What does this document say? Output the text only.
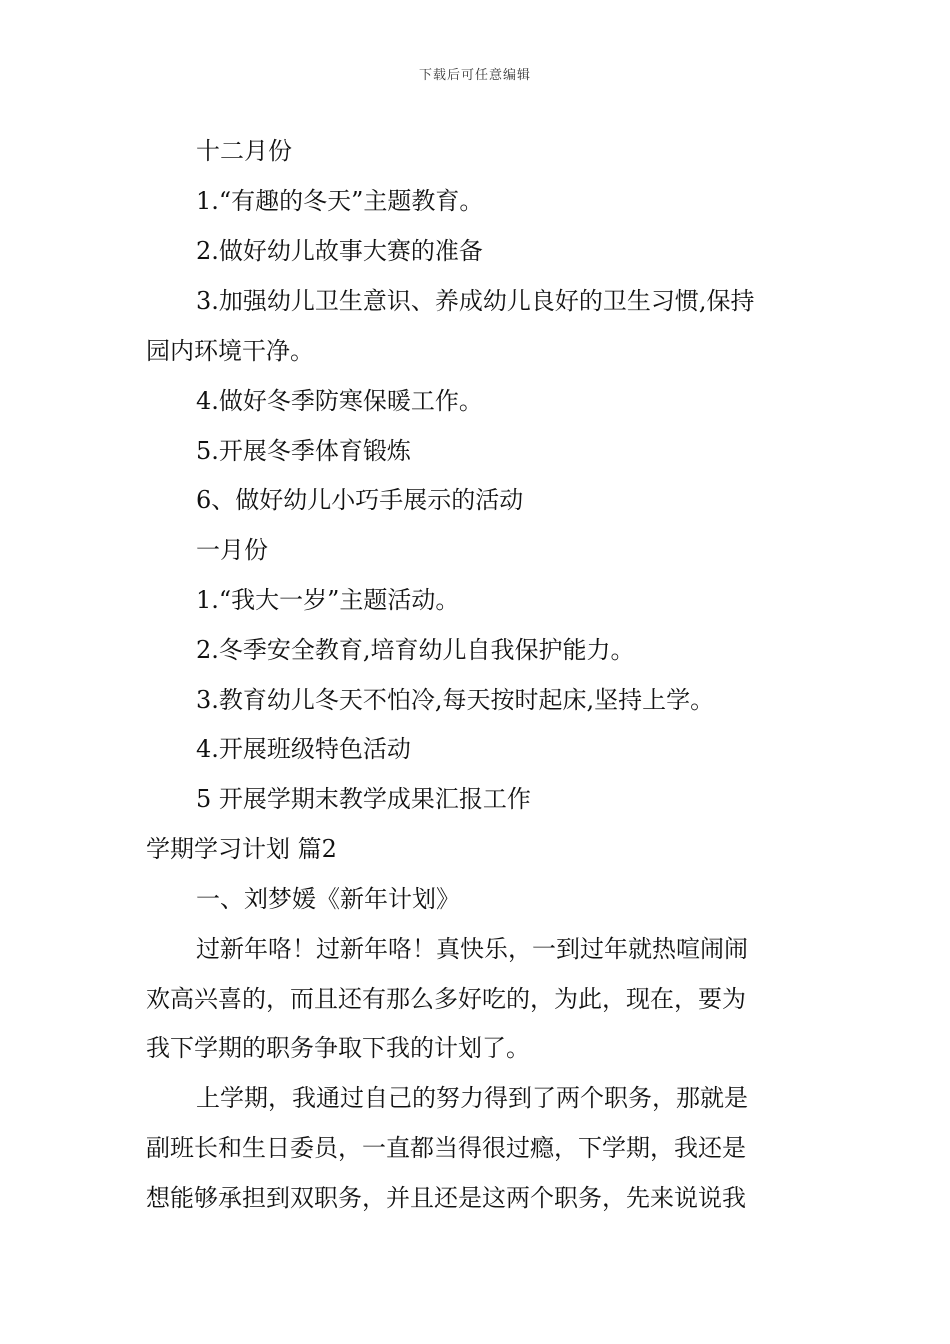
下载后可任意编辑
十二月份
1.“有趣的冬天”主题教育。
2.做好幼儿故事大赛的准备
3.加强幼儿卫生意识、养成幼儿良好的卫生习惯,保持
园内环境干净。
4.做好冬季防寒保暖工作。
5.开展冬季体育锻炼
6、做好幼儿小巧手展示的活动
一月份
1.“我大一岁”主题活动。
2.冬季安全教育,培育幼儿自我保护能力。
3.教育幼儿冬天不怕冷,每天按时起床,坚持上学。
4.开展班级特色活动
5 开展学期末教学成果汇报工作
学期学习计划 篇2
一、刘梦媛《新年计划》
过新年咯！过新年咯！真快乐，一到过年就热喧闹闹
欢高兴喜的，而且还有那么多好吃的，为此，现在，要为
我下学期的职务争取下我的计划了。
上学期，我通过自己的努力得到了两个职务，那就是
副班长和生日委员，一直都当得很过瘾，下学期，我还是
想能够承担到双职务，并且还是这两个职务，先来说说我
